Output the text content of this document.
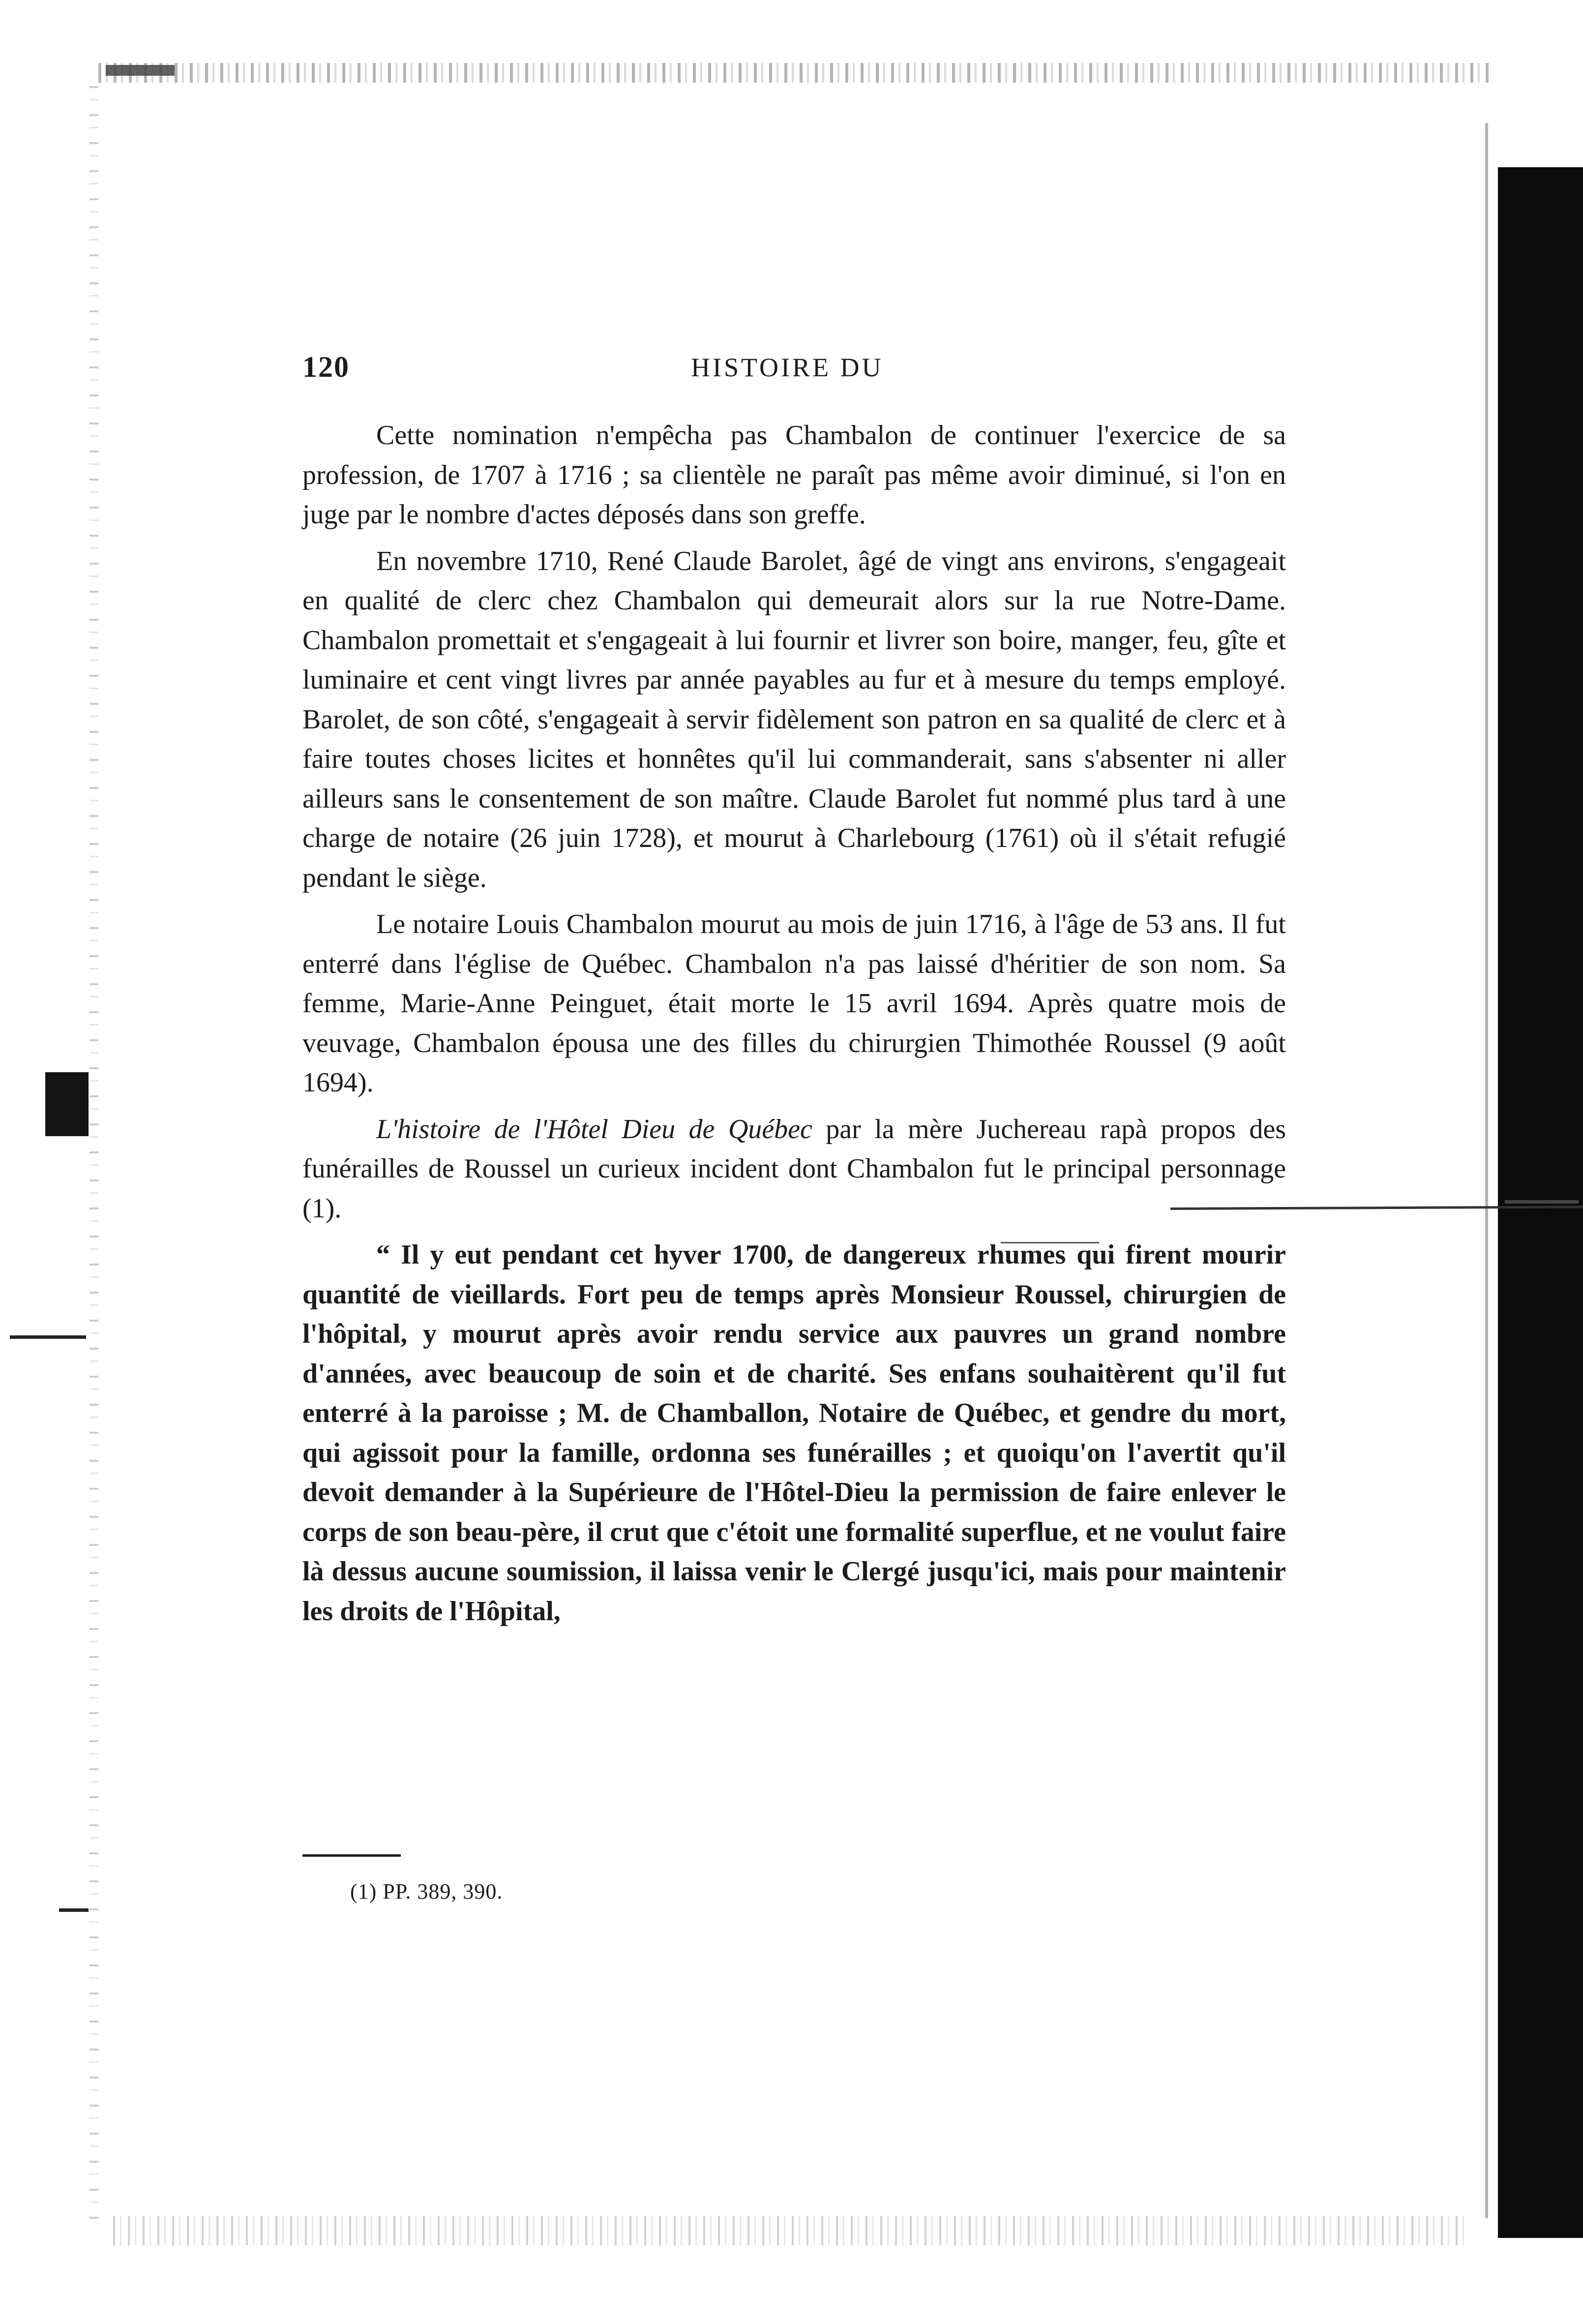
120	HISTOIRE DU

Cette nomination n'empêcha pas Chambalon de continuer l'exercice de sa profession, de 1707 à 1716 ; sa clientèle ne paraît pas même avoir diminué, si l'on en juge par le nombre d'actes déposés dans son greffe.

En novembre 1710, René Claude Barolet, âgé de vingt ans environs, s'engageait en qualité de clerc chez Chambalon qui demeurait alors sur la rue Notre-Dame. Chambalon promettait et s'engageait à lui fournir et livrer son boire, manger, feu, gîte et luminaire et cent vingt livres par année payables au fur et à mesure du temps employé. Barolet, de son côté, s'engageait à servir fidèlement son patron en sa qualité de clerc et à faire toutes choses licites et honnêtes qu'il lui commanderait, sans s'absenter ni aller ailleurs sans le consentement de son maître. Claude Barolet fut nommé plus tard à une charge de notaire (26 juin 1728), et mourut à Charlebourg (1761) où il s'était refugié pendant le siège.

Le notaire Louis Chambalon mourut au mois de juin 1716, à l'âge de 53 ans. Il fut enterré dans l'église de Québec. Chambalon n'a pas laissé d'héritier de son nom. Sa femme, Marie-Anne Peinguet, était morte le 15 avril 1694. Après quatre mois de veuvage, Chambalon épousa une des filles du chirurgien Thimothée Roussel (9 août 1694).

L'histoire de l'Hôtel Dieu de Québec par la mère Juchereau rapà propos des funérailles de Roussel un curieux incident dont Chambalon fut le principal personnage (1).

“ Il y eut pendant cet hyver 1700, de dangereux rhumes qui firent mourir quantité de vieillards. Fort peu de temps après Monsieur Roussel, chirurgien de l'hôpital, y mourut après avoir rendu service aux pauvres un grand nombre d'années, avec beaucoup de soin et de charité. Ses enfans souhaitèrent qu'il fut enterré à la paroisse ; M. de Chamballon, Notaire de Québec, et gendre du mort, qui agissoit pour la famille, ordonna ses funérailles ; et quoiqu'on l'avertit qu'il devoit demander à la Supérieure de l'Hôtel-Dieu la permission de faire enlever le corps de son beau-père, il crut que c'étoit une formalité superflue, et ne voulut faire là dessus aucune soumission, il laissa venir le Clergé jusqu'ici, mais pour maintenir les droits de l'Hôpital,

(1) PP. 389, 390.
